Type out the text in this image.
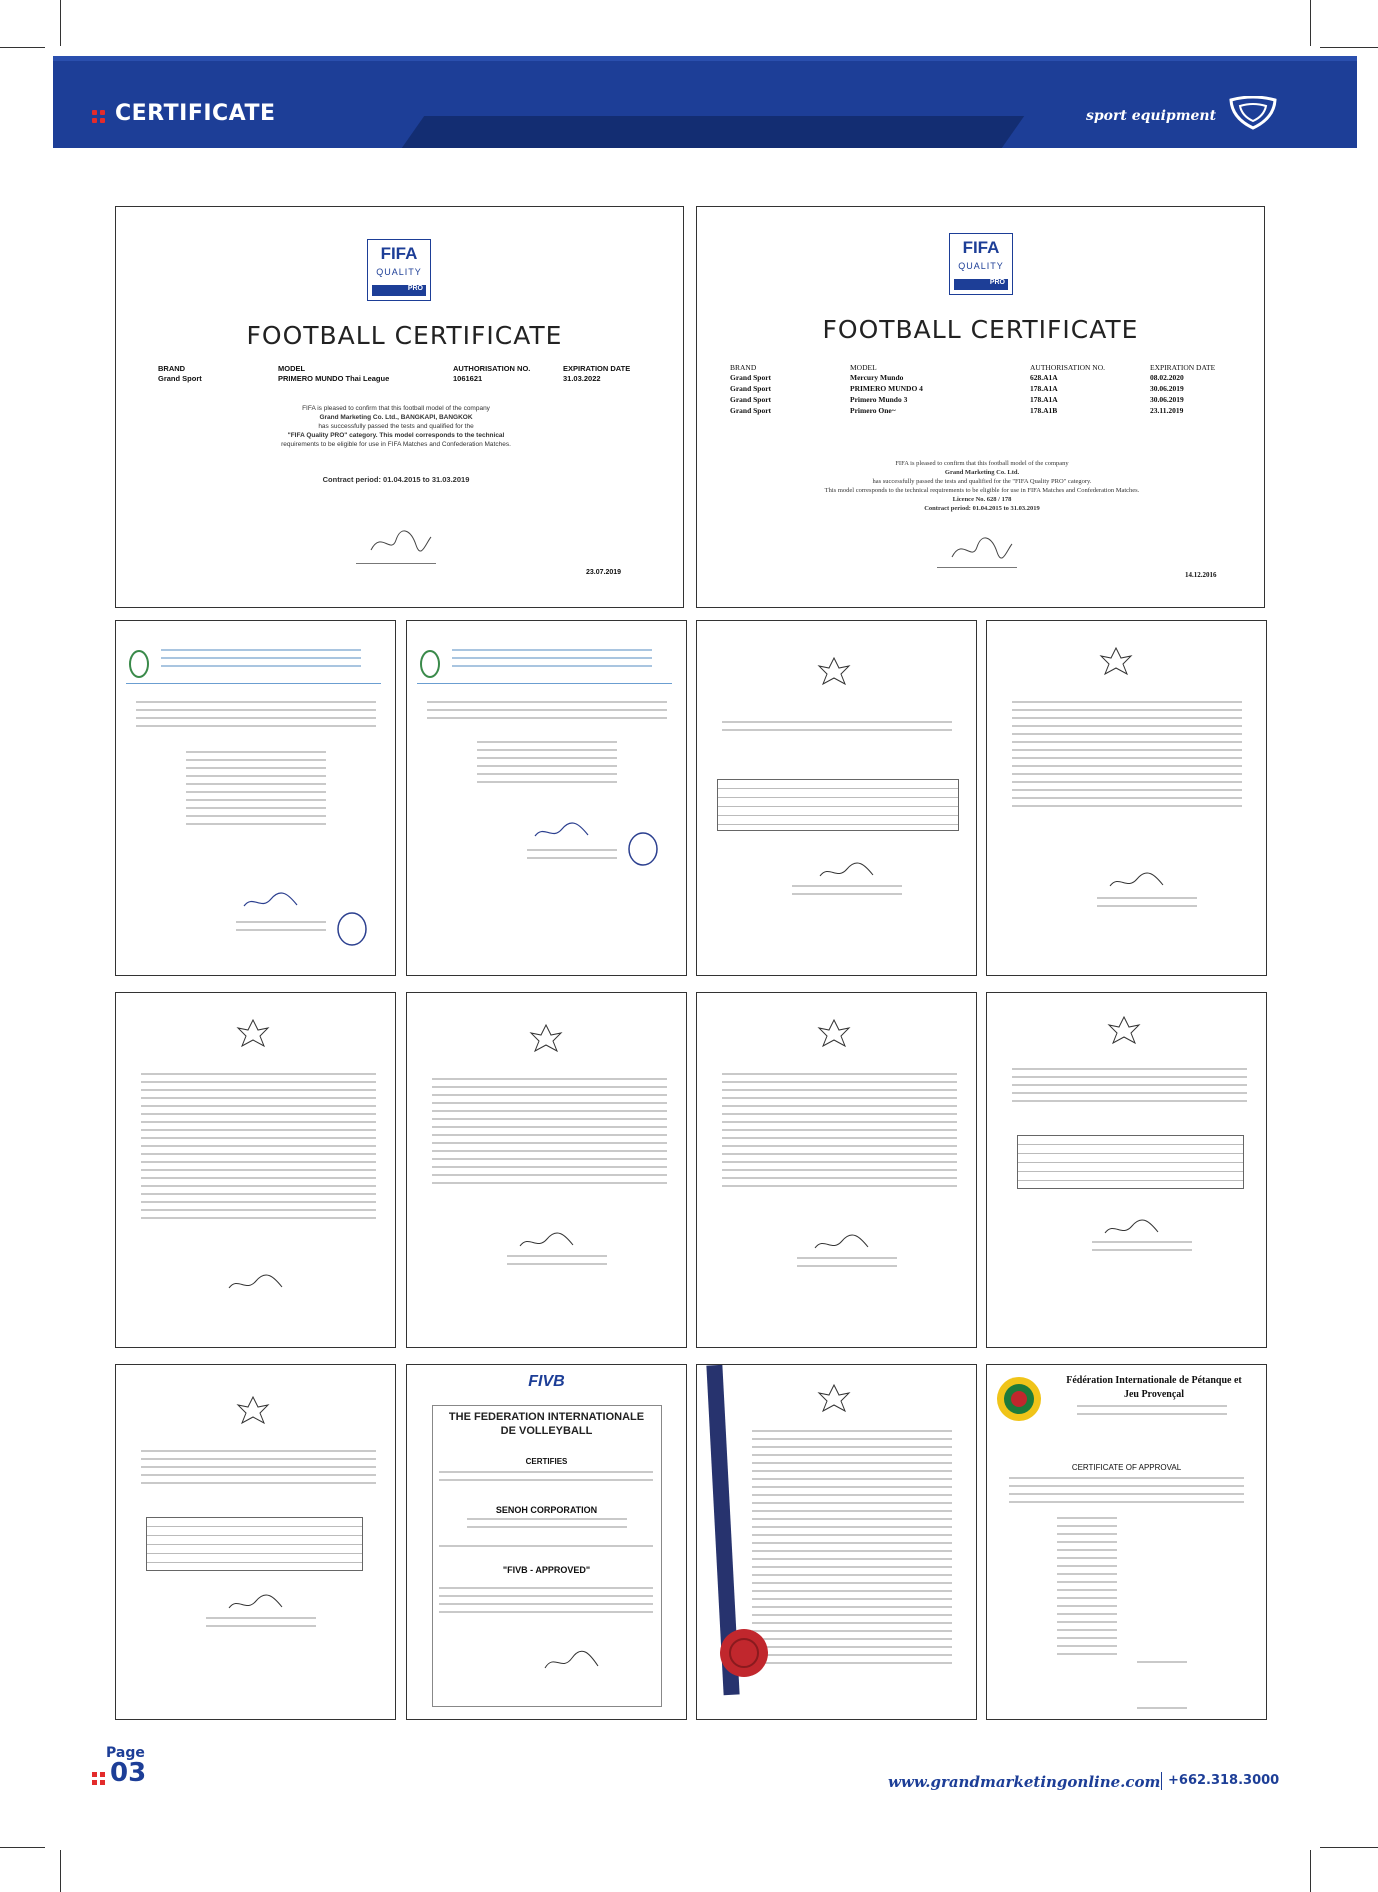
CERTIFICATE	sport equipment
FIFA
QUALITY
PRO
FOOTBALL CERTIFICATE
BRAND	MODEL	AUTHORISATION NO.	EXPIRATION DATE
Grand Sport	PRIMERO MUNDO Thai League	1061621	31.03.2022
FIFA is pleased to confirm that this football model of the company
Grand Marketing Co. Ltd., BANGKAPI, BANGKOK
has successfully passed the tests and qualified for the
"FIFA Quality PRO" category. This model corresponds to the technical
requirements to be eligible for use in FIFA Matches and Confederation Matches.
Contract period: 01.04.2015 to 31.03.2019
23.07.2019
FIFA
QUALITY
PRO
FOOTBALL CERTIFICATE
BRAND	MODEL	AUTHORISATION NO.	EXPIRATION DATE
Grand Sport	Mercury Mundo	628.A1A	08.02.2020
Grand Sport	PRIMERO MUNDO 4	178.A1A	30.06.2019
Grand Sport	Primero Mundo 3	178.A1A	30.06.2019
Grand Sport	Primero One~	178.A1B	23.11.2019
FIFA is pleased to confirm that this football model of the company
Grand Marketing Co. Ltd.
has successfully passed the tests and qualified for the "FIFA Quality PRO" category.
This model corresponds to the technical requirements to be eligible for use in FIFA Matches and Confederation Matches.
Licence No. 628 / 178
Contract period: 01.04.2015 to 31.03.2019
14.12.2016
FIVB
THE FEDERATION INTERNATIONALE
DE VOLLEYBALL
CERTIFIES
SENOH CORPORATION
"FIVB - APPROVED"
Fédération Internationale de Pétanque et
Jeu Provençal
CERTIFICATE OF APPROVAL
Page
03	www.grandmarketingonline.com +662.318.3000
